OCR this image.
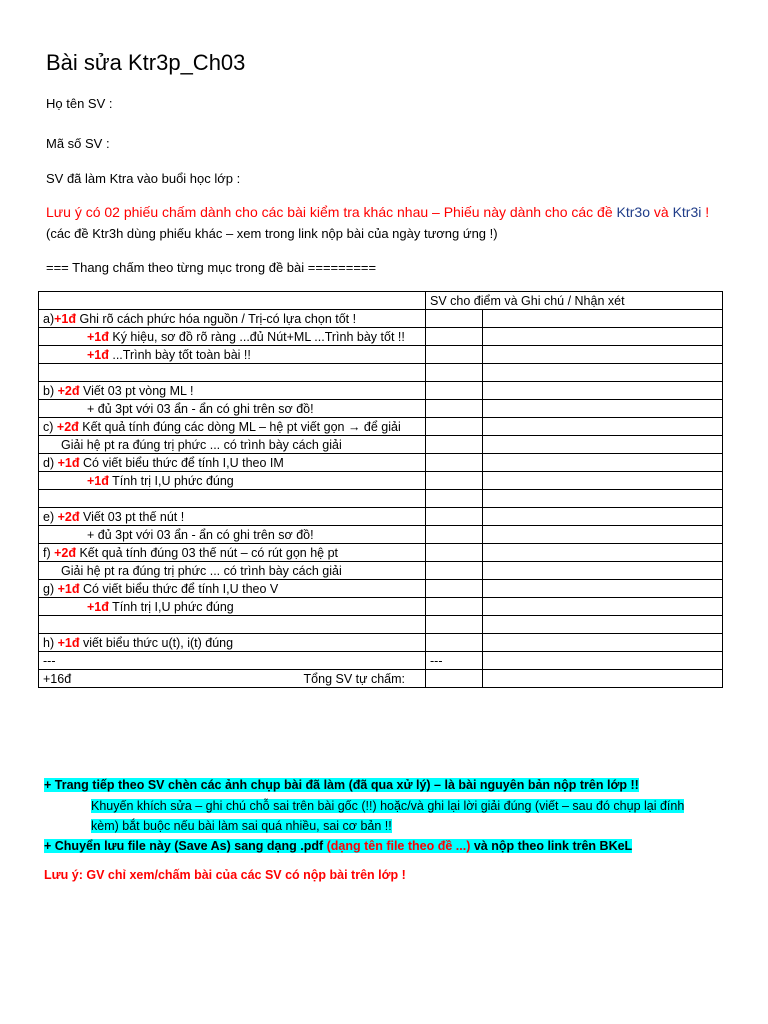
Bài sửa Ktr3p_Ch03
Họ tên SV :
Mã số SV :
SV đã làm Ktra vào buổi học lớp :
Lưu ý có 02 phiếu chấm dành cho các bài kiểm tra khác nhau – Phiếu này dành cho các đề Ktr3o và Ktr3i !
(các đề Ktr3h dùng phiếu khác – xem trong link nộp bài của ngày tương ứng !)
=== Thang chấm theo từng mục trong đề bài =========
	SV cho điểm và Ghi chú / Nhận xét	
a)+1đ Ghi rõ cách phức hóa nguồn / Trị-có lựa chọn tốt !		
+1đ Ký hiệu, sơ đồ rõ ràng ...đủ Nút+ML ...Trình bày tốt !!		
+1đ ...Trình bày tốt toàn bài !!		

b) +2đ Viết 03 pt vòng ML !		
+ đủ 3pt với 03 ẩn - ẩn có ghi trên sơ đồ!		
c) +2đ Kết quả tính đúng các dòng ML – hệ pt viết gọn → để giải		
Giải hệ pt ra đúng trị phức ... có trình bày cách giải		
d) +1đ Có viết biểu thức để tính I,U theo IM		
+1đ Tính trị I,U phức đúng		

e) +2đ Viết 03 pt thế nút !		
+ đủ 3pt với 03 ẩn - ẩn có ghi trên sơ đồ!		
f) +2đ Kết quả tính đúng 03 thế nút – có rút gọn hệ pt		
Giải hệ pt ra đúng trị phức ... có trình bày cách giải		
g) +1đ Có viết biểu thức để tính I,U theo V		
+1đ Tính trị I,U phức đúng		

h) +1đ viết biểu thức u(t), i(t) đúng		
---	---	

+16đ Tổng SV tự chấm:		

+ Trang tiếp theo SV chèn các ảnh chụp bài đã làm (đã qua xử lý) – là bài nguyên bản nộp trên lớp !!
Khuyến khích sửa – ghi chú chỗ sai trên bài gốc (!!) hoặc/và ghi lại lời giải đúng (viết – sau đó chụp lại đính
kèm) bắt buộc nếu bài làm sai quá nhiều, sai cơ bản !!
+ Chuyển lưu file này (Save As) sang dạng .pdf (dạng tên file theo đề ...) và nộp theo link trên BKeL
Lưu ý: GV chỉ xem/chấm bài của các SV có nộp bài trên lớp !
